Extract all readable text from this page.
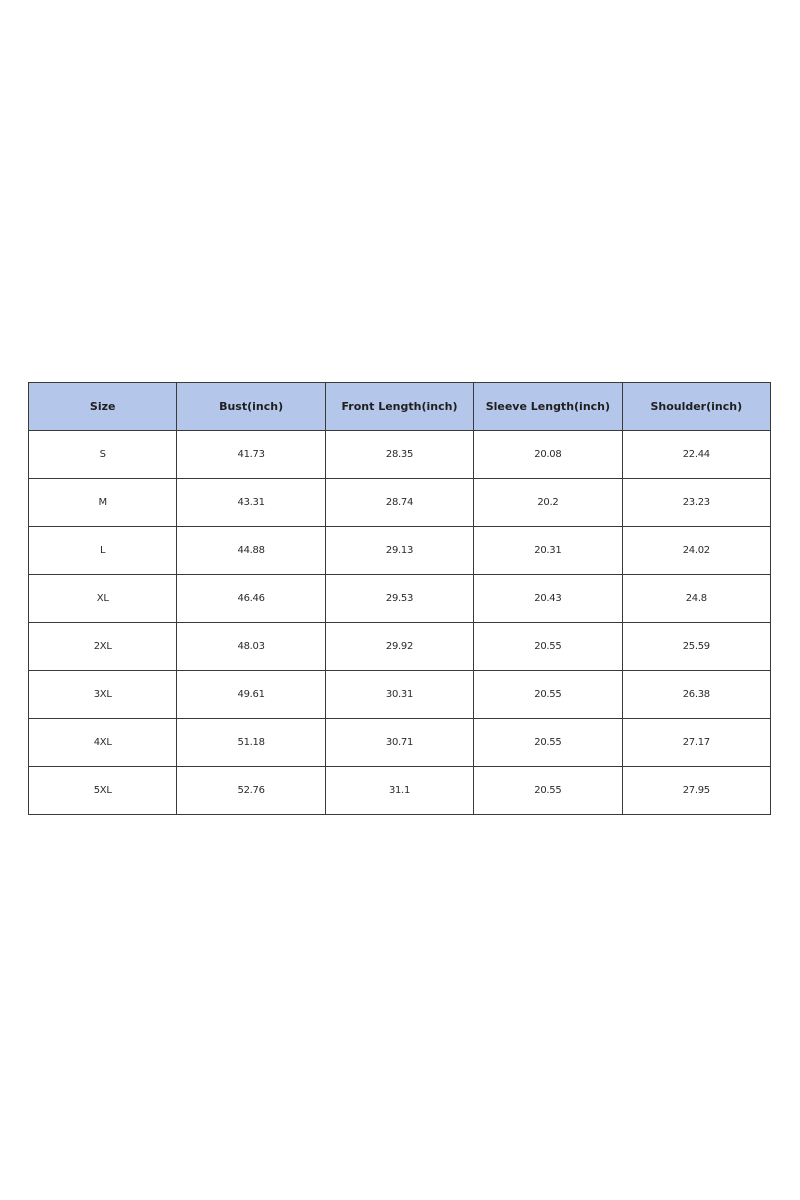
Size	Bust(inch)	Front Length(inch)	Sleeve Length(inch)	Shoulder(inch)
S	41.73	28.35	20.08	22.44
M	43.31	28.74	20.2	23.23
L	44.88	29.13	20.31	24.02
XL	46.46	29.53	20.43	24.8
2XL	48.03	29.92	20.55	25.59
3XL	49.61	30.31	20.55	26.38
4XL	51.18	30.71	20.55	27.17
5XL	52.76	31.1	20.55	27.95
